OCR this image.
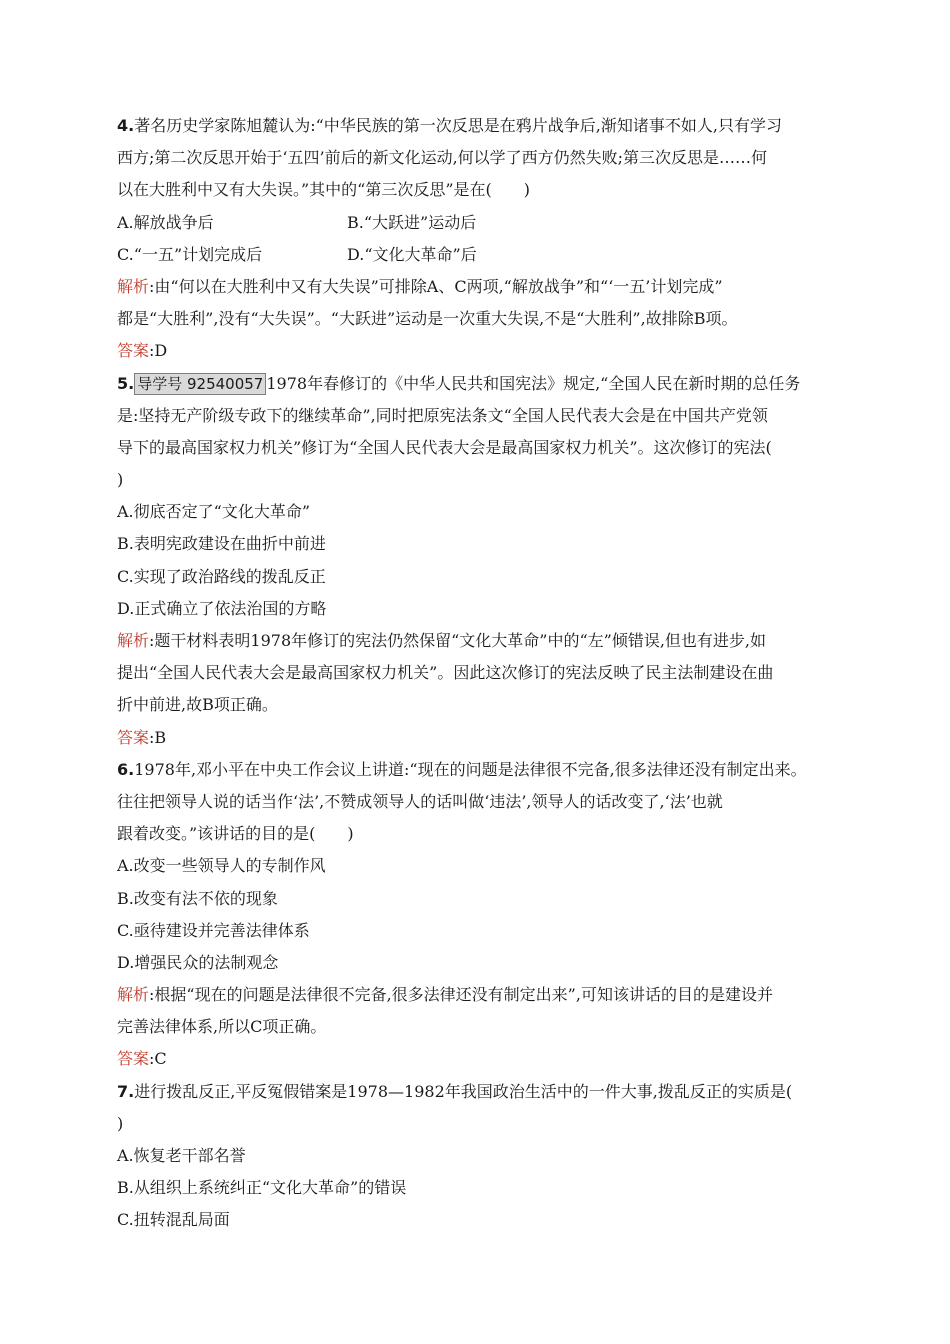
4.著名历史学家陈旭麓认为:“中华民族的第一次反思是在鸦片战争后,渐知诸事不如人,只有学习
西方;第二次反思开始于‘五四’前后的新文化运动,何以学了西方仍然失败;第三次反思是……何
以在大胜利中又有大失误。”其中的“第三次反思”是在(　　)
A.解放战争后	B.“大跃进”运动后
C.“一五”计划完成后	D.“文化大革命”后
解析:由“何以在大胜利中又有大失误”可排除A、C两项,“解放战争”和“‘一五’计划完成”
都是“大胜利”,没有“大失误”。“大跃进”运动是一次重大失误,不是“大胜利”,故排除B项。
答案:D
5. 导学号 92540057 1978年春修订的《中华人民共和国宪法》规定,“全国人民在新时期的总任务
是:坚持无产阶级专政下的继续革命”,同时把原宪法条文“全国人民代表大会是在中国共产党领
导下的最高国家权力机关”修订为“全国人民代表大会是最高国家权力机关”。这次修订的宪法(
)
A.彻底否定了“文化大革命”
B.表明宪政建设在曲折中前进
C.实现了政治路线的拨乱反正
D.正式确立了依法治国的方略
解析:题干材料表明1978年修订的宪法仍然保留“文化大革命”中的“左”倾错误,但也有进步,如
提出“全国人民代表大会是最高国家权力机关”。因此这次修订的宪法反映了民主法制建设在曲
折中前进,故B项正确。
答案:B
6.1978年,邓小平在中央工作会议上讲道:“现在的问题是法律很不完备,很多法律还没有制定出来。
往往把领导人说的话当作‘法’,不赞成领导人的话叫做‘违法’,领导人的话改变了,‘法’也就
跟着改变。”该讲话的目的是(　　)
A.改变一些领导人的专制作风
B.改变有法不依的现象
C.亟待建设并完善法律体系
D.增强民众的法制观念
解析:根据“现在的问题是法律很不完备,很多法律还没有制定出来”,可知该讲话的目的是建设并
完善法律体系,所以C项正确。
答案:C
7.进行拨乱反正,平反冤假错案是1978—1982年我国政治生活中的一件大事,拨乱反正的实质是(
)
A.恢复老干部名誉
B.从组织上系统纠正“文化大革命”的错误
C.扭转混乱局面
